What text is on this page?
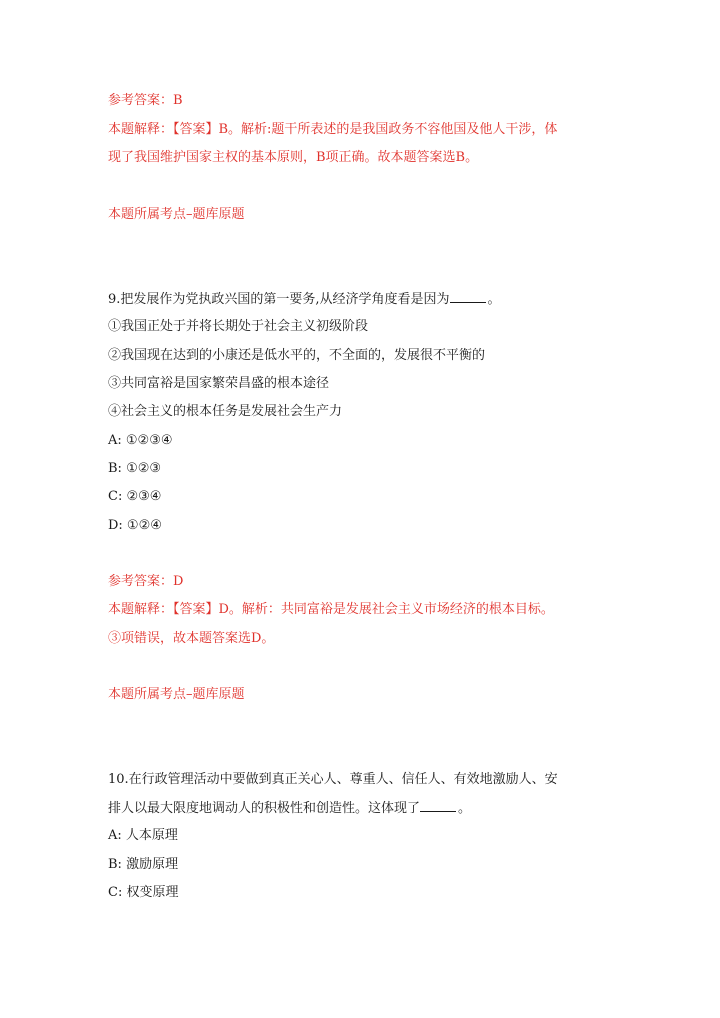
参考答案：B
本题解释：【答案】B。解析:题干所表述的是我国政务不容他国及他人干涉，体
现了我国维护国家主权的基本原则，B项正确。故本题答案选B。
本题所属考点–题库原题
9.把发展作为党执政兴国的第一要务,从经济学角度看是因为	。
①我国正处于并将长期处于社会主义初级阶段
②我国现在达到的小康还是低水平的，不全面的，发展很不平衡的
③共同富裕是国家繁荣昌盛的根本途径
④社会主义的根本任务是发展社会生产力
A: ①②③④
B: ①②③
C: ②③④
D: ①②④
参考答案：D
本题解释：【答案】D。解析：共同富裕是发展社会主义市场经济的根本目标。
③项错误，故本题答案选D。
本题所属考点–题库原题
10.在行政管理活动中要做到真正关心人、尊重人、信任人、有效地激励人、安
排人以最大限度地调动人的积极性和创造性。这体现了	。
A: 人本原理
B: 激励原理
C: 权变原理
